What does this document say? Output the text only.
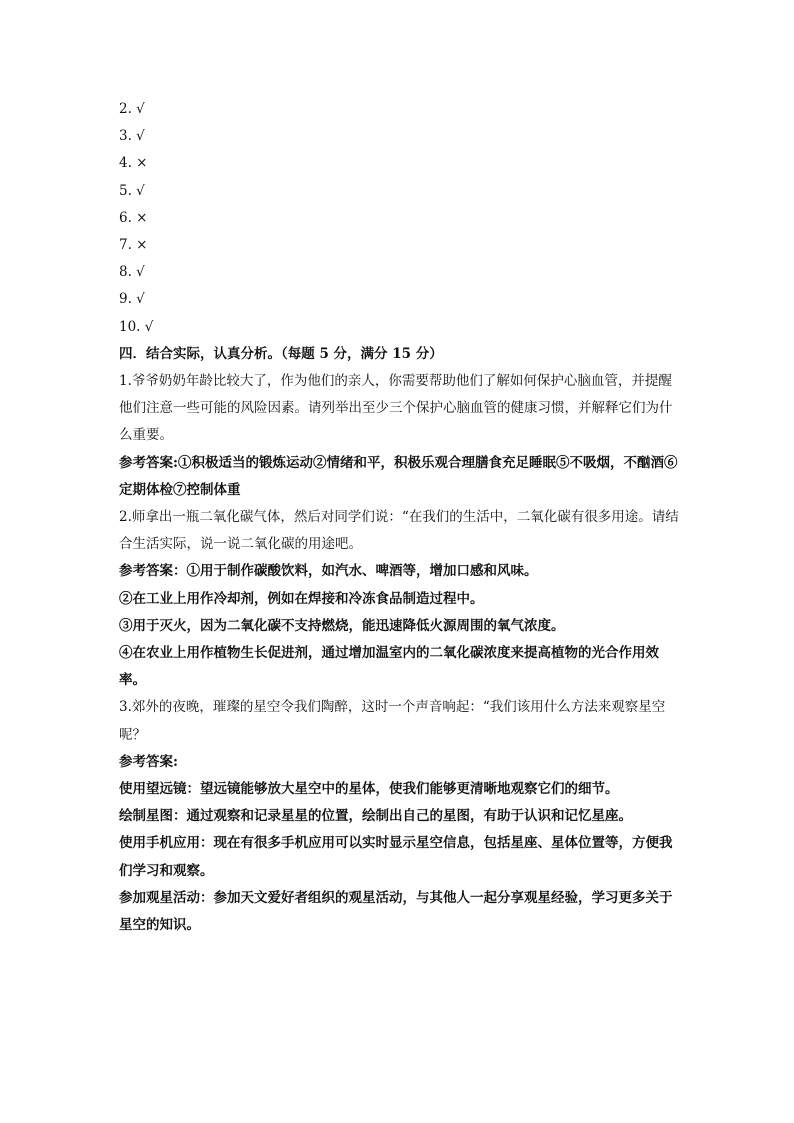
2. √
3. √
4. ×
5. √
6. ×
7. ×
8. √
9. √
10. √
四．结合实际，认真分析。（每题 5 分，满分 15 分）
1.爷爷奶奶年龄比较大了，作为他们的亲人，你需要帮助他们了解如何保护心脑血管，并提醒他们注意一些可能的风险因素。请列举出至少三个保护心脑血管的健康习惯，并解释它们为什么重要。
参考答案:①积极适当的锻炼运动②情绪和平，积极乐观合理膳食充足睡眠⑤不吸烟，不酗酒⑥定期体检⑦控制体重
2.师拿出一瓶二氧化碳气体，然后对同学们说：“在我们的生活中，二氧化碳有很多用途。请结合生活实际，说一说二氧化碳的用途吧。
参考答案：①用于制作碳酸饮料，如汽水、啤酒等，增加口感和风味。
②在工业上用作冷却剂，例如在焊接和冷冻食品制造过程中。
③用于灭火，因为二氧化碳不支持燃烧，能迅速降低火源周围的氧气浓度。
④在农业上用作植物生长促进剂，通过增加温室内的二氧化碳浓度来提高植物的光合作用效率。
3.郊外的夜晚，璀璨的星空令我们陶醉，这时一个声音响起：“我们该用什么方法来观察星空呢？
参考答案:
使用望远镜：望远镜能够放大星空中的星体，使我们能够更清晰地观察它们的细节。
绘制星图：通过观察和记录星星的位置，绘制出自己的星图，有助于认识和记忆星座。
使用手机应用：现在有很多手机应用可以实时显示星空信息，包括星座、星体位置等，方便我们学习和观察。
参加观星活动：参加天文爱好者组织的观星活动，与其他人一起分享观星经验，学习更多关于星空的知识。
